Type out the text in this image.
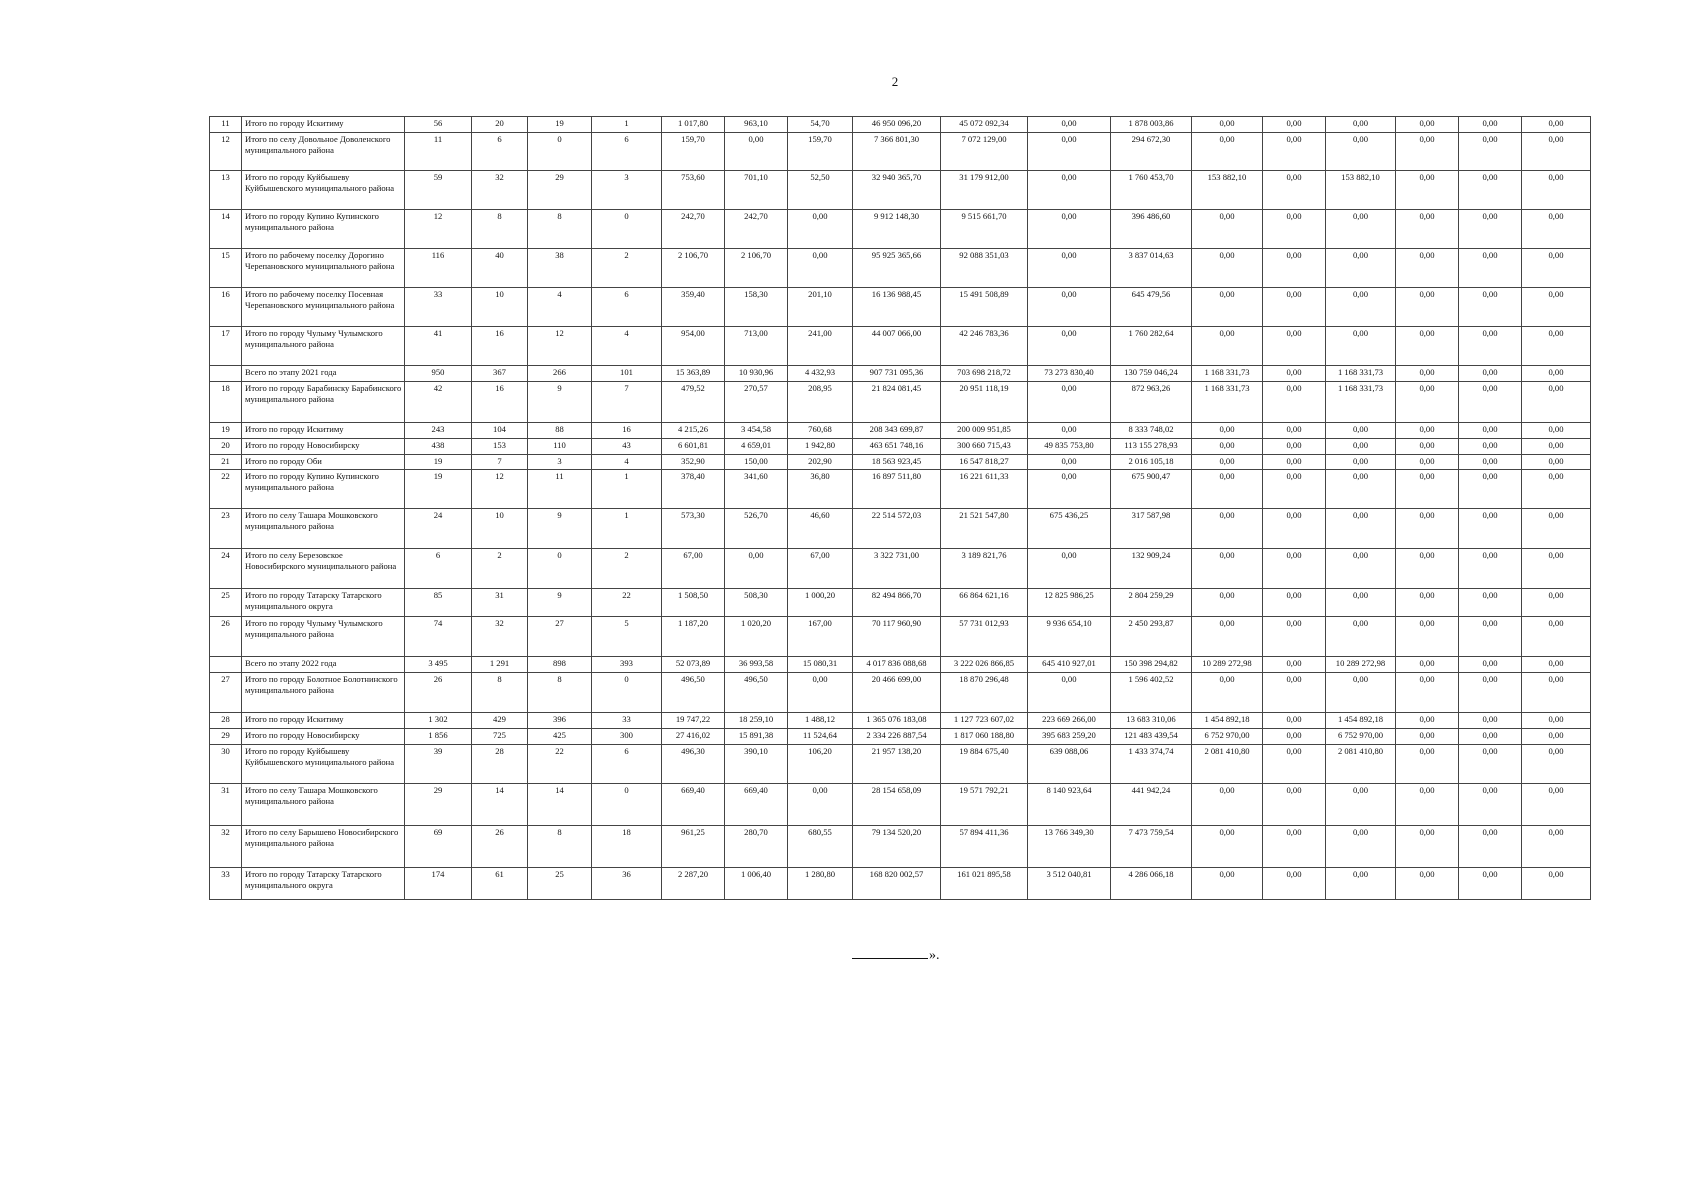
2
11	Итого по городу Искитиму	56	20	19	1	1 017,80	963,10	54,70	46 950 096,20	45 072 092,34	0,00	1 878 003,86	0,00	0,00	0,00	0,00	0,00	0,00
12	Итого по селу Довольное Доволенского муниципального района	11	6	0	6	159,70	0,00	159,70	7 366 801,30	7 072 129,00	0,00	294 672,30	0,00	0,00	0,00	0,00	0,00	0,00
13	Итого по городу Куйбышеву Куйбышевского муниципального района	59	32	29	3	753,60	701,10	52,50	32 940 365,70	31 179 912,00	0,00	1 760 453,70	153 882,10	0,00	153 882,10	0,00	0,00	0,00
14	Итого по городу Купино Купинского муниципального района	12	8	8	0	242,70	242,70	0,00	9 912 148,30	9 515 661,70	0,00	396 486,60	0,00	0,00	0,00	0,00	0,00	0,00
15	Итого по рабочему поселку Дорогино Черепановского муниципального района	116	40	38	2	2 106,70	2 106,70	0,00	95 925 365,66	92 088 351,03	0,00	3 837 014,63	0,00	0,00	0,00	0,00	0,00	0,00
16	Итого по рабочему поселку Посевная Черепановского муниципального района	33	10	4	6	359,40	158,30	201,10	16 136 988,45	15 491 508,89	0,00	645 479,56	0,00	0,00	0,00	0,00	0,00	0,00
17	Итого по городу Чулыму Чулымского муниципального района	41	16	12	4	954,00	713,00	241,00	44 007 066,00	42 246 783,36	0,00	1 760 282,64	0,00	0,00	0,00	0,00	0,00	0,00
	Всего по этапу 2021 года	950	367	266	101	15 363,89	10 930,96	4 432,93	907 731 095,36	703 698 218,72	73 273 830,40	130 759 046,24	1 168 331,73	0,00	1 168 331,73	0,00	0,00	0,00
18	Итого по городу Барабинску Барабинского муниципального района	42	16	9	7	479,52	270,57	208,95	21 824 081,45	20 951 118,19	0,00	872 963,26	1 168 331,73	0,00	1 168 331,73	0,00	0,00	0,00
19	Итого по городу Искитиму	243	104	88	16	4 215,26	3 454,58	760,68	208 343 699,87	200 009 951,85	0,00	8 333 748,02	0,00	0,00	0,00	0,00	0,00	0,00
20	Итого по городу Новосибирску	438	153	110	43	6 601,81	4 659,01	1 942,80	463 651 748,16	300 660 715,43	49 835 753,80	113 155 278,93	0,00	0,00	0,00	0,00	0,00	0,00
21	Итого по городу Оби	19	7	3	4	352,90	150,00	202,90	18 563 923,45	16 547 818,27	0,00	2 016 105,18	0,00	0,00	0,00	0,00	0,00	0,00
22	Итого по городу Купино Купинского муниципального района	19	12	11	1	378,40	341,60	36,80	16 897 511,80	16 221 611,33	0,00	675 900,47	0,00	0,00	0,00	0,00	0,00	0,00
23	Итого по селу Ташара Мошковского муниципального района	24	10	9	1	573,30	526,70	46,60	22 514 572,03	21 521 547,80	675 436,25	317 587,98	0,00	0,00	0,00	0,00	0,00	0,00
24	Итого по селу Березовское Новосибирского муниципального района	6	2	0	2	67,00	0,00	67,00	3 322 731,00	3 189 821,76	0,00	132 909,24	0,00	0,00	0,00	0,00	0,00	0,00
25	Итого по городу Татарску Татарского муниципального округа	85	31	9	22	1 508,50	508,30	1 000,20	82 494 866,70	66 864 621,16	12 825 986,25	2 804 259,29	0,00	0,00	0,00	0,00	0,00	0,00
26	Итого по городу Чулыму Чулымского муниципального района	74	32	27	5	1 187,20	1 020,20	167,00	70 117 960,90	57 731 012,93	9 936 654,10	2 450 293,87	0,00	0,00	0,00	0,00	0,00	0,00
	Всего по этапу 2022 года	3 495	1 291	898	393	52 073,89	36 993,58	15 080,31	4 017 836 088,68	3 222 026 866,85	645 410 927,01	150 398 294,82	10 289 272,98	0,00	10 289 272,98	0,00	0,00	0,00
27	Итого по городу Болотное Болотнинского муниципального района	26	8	8	0	496,50	496,50	0,00	20 466 699,00	18 870 296,48	0,00	1 596 402,52	0,00	0,00	0,00	0,00	0,00	0,00
28	Итого по городу Искитиму	1 302	429	396	33	19 747,22	18 259,10	1 488,12	1 365 076 183,08	1 127 723 607,02	223 669 266,00	13 683 310,06	1 454 892,18	0,00	1 454 892,18	0,00	0,00	0,00
29	Итого по городу Новосибирску	1 856	725	425	300	27 416,02	15 891,38	11 524,64	2 334 226 887,54	1 817 060 188,80	395 683 259,20	121 483 439,54	6 752 970,00	0,00	6 752 970,00	0,00	0,00	0,00
30	Итого по городу Куйбышеву Куйбышевского муниципального района	39	28	22	6	496,30	390,10	106,20	21 957 138,20	19 884 675,40	639 088,06	1 433 374,74	2 081 410,80	0,00	2 081 410,80	0,00	0,00	0,00
31	Итого по селу Ташара Мошковского муниципального района	29	14	14	0	669,40	669,40	0,00	28 154 658,09	19 571 792,21	8 140 923,64	441 942,24	0,00	0,00	0,00	0,00	0,00	0,00
32	Итого по селу Барышево Новосибирского муниципального района	69	26	8	18	961,25	280,70	680,55	79 134 520,20	57 894 411,36	13 766 349,30	7 473 759,54	0,00	0,00	0,00	0,00	0,00	0,00
33	Итого по городу Татарску Татарского муниципального округа	174	61	25	36	2 287,20	1 006,40	1 280,80	168 820 002,57	161 021 895,58	3 512 040,81	4 286 066,18	0,00	0,00	0,00	0,00	0,00	0,00
».
